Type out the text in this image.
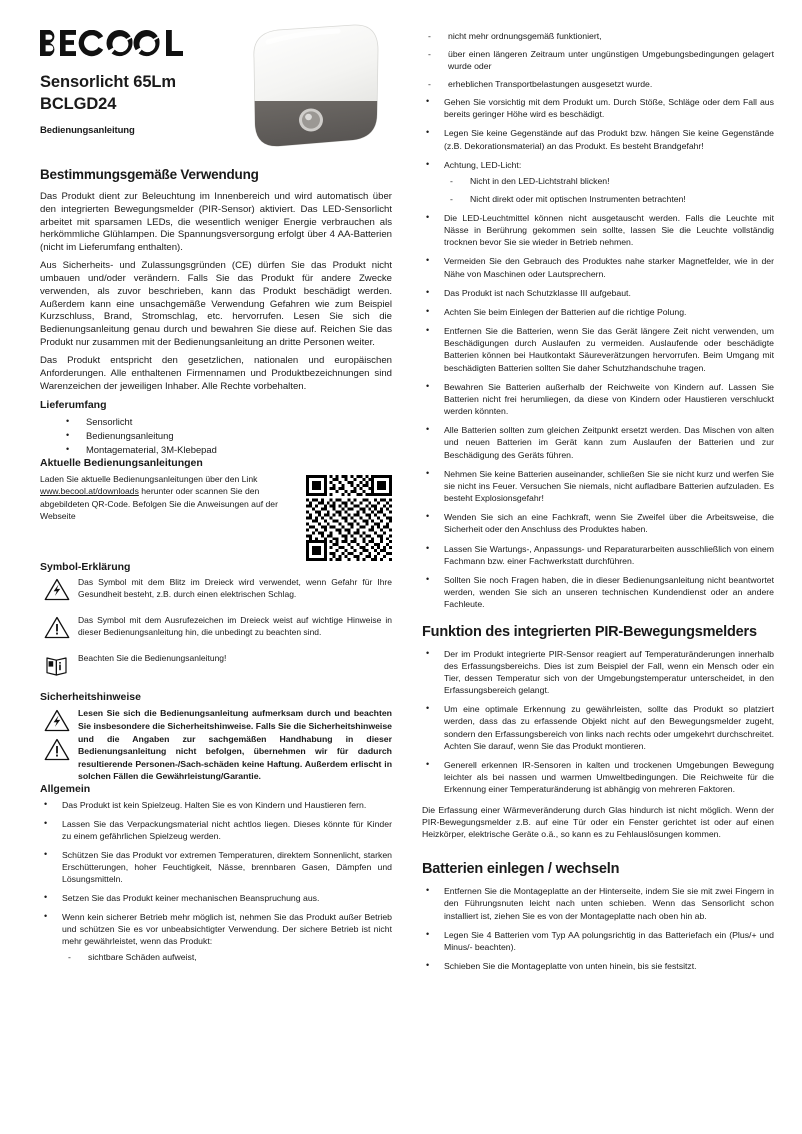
Sensorlicht 65Lm
BCLGD24
Bedienungsanleitung
Bestimmungsgemäße Verwendung

Das Produkt dient zur Beleuchtung im Innenbereich und wird automatisch über den integrierten Bewegungsmelder (PIR-Sensor) aktiviert. Das LED-Sensorlicht arbeitet mit sparsamen LEDs, die wesentlich weniger Energie verbrauchen als herkömmliche Glühlampen. Die Spannungsversorgung erfolgt über 4 AA-Batterien (nicht im Lieferumfang enthalten).

Aus Sicherheits- und Zulassungsgründen (CE) dürfen Sie das Produkt nicht umbauen und/oder verändern. Falls Sie das Produkt für andere Zwecke verwenden, als zuvor beschrieben, kann das Produkt beschädigt werden. Außerdem kann eine unsachgemäße Verwendung Gefahren wie zum Beispiel Kurzschluss, Brand, Stromschlag, etc. hervorrufen. Lesen Sie sich die Bedienungsanleitung genau durch und bewahren Sie diese auf. Reichen Sie das Produkt nur zusammen mit der Bedienungsanleitung an dritte Personen weiter.

Das Produkt entspricht den gesetzlichen, nationalen und europäischen Anforderungen. Alle enthaltenen Firmennamen und Produktbezeichnungen sind Warenzeichen der jeweiligen Inhaber. Alle Rechte vorbehalten.

Lieferumfang
• Sensorlicht
• Bedienungsanleitung
• Montagematerial, 3M-Klebepad
Aktuelle Bedienungsanleitungen

Laden Sie aktuelle Bedienungsanleitungen über den Link www.becool.at/downloads herunter oder scannen Sie den abgebildeten QR-Code. Befolgen Sie die Anweisungen auf der Webseite

Symbol-Erklärung
Das Symbol mit dem Blitz im Dreieck wird verwendet, wenn Gefahr für Ihre Gesundheit besteht, z.B. durch einen elektrischen Schlag.
Das Symbol mit dem Ausrufezeichen im Dreieck weist auf wichtige Hinweise in dieser Bedienungsanleitung hin, die unbedingt zu beachten sind.
Beachten Sie die Bedienungsanleitung!
Sicherheitshinweise
Lesen Sie sich die Bedienungsanleitung aufmerksam durch und beachten Sie insbesondere die Sicherheitshinweise. Falls Sie die Sicherheitshinweise und die Angaben zur sachgemäßen Handhabung in dieser Bedienungsanleitung nicht befolgen, übernehmen wir für dadurch resultierende Personen-/Sach-schäden keine Haftung. Außerdem erlischt in solchen Fällen die Gewährleistung/Garantie.
Allgemein
• Das Produkt ist kein Spielzeug. Halten Sie es von Kindern und Haustieren fern.
• Lassen Sie das Verpackungsmaterial nicht achtlos liegen. Dieses könnte für Kinder zu einem gefährlichen Spielzeug werden.
• Schützen Sie das Produkt vor extremen Temperaturen, direktem Sonnenlicht, starken Erschütterungen, hoher Feuchtigkeit, Nässe, brennbaren Gasen, Dämpfen und Lösungsmitteln.
• Setzen Sie das Produkt keiner mechanischen Beanspruchung aus.
• Wenn kein sicherer Betrieb mehr möglich ist, nehmen Sie das Produkt außer Betrieb und schützen Sie es vor unbeabsichtigter Verwendung. Der sichere Betrieb ist nicht mehr gewährleistet, wenn das Produkt:
- sichtbare Schäden aufweist,
- nicht mehr ordnungsgemäß funktioniert,
- über einen längeren Zeitraum unter ungünstigen Umgebungsbedingungen gelagert wurde oder
- erheblichen Transportbelastungen ausgesetzt wurde.
• Gehen Sie vorsichtig mit dem Produkt um. Durch Stöße, Schläge oder dem Fall aus bereits geringer Höhe wird es beschädigt.
• Legen Sie keine Gegenstände auf das Produkt bzw. hängen Sie keine Gegenstände (z.B. Dekorationsmaterial) an das Produkt. Es besteht Brandgefahr!
• Achtung, LED-Licht:
- Nicht in den LED-Lichtstrahl blicken!
- Nicht direkt oder mit optischen Instrumenten betrachten!
• Die LED-Leuchtmittel können nicht ausgetauscht werden. Falls die Leuchte mit Nässe in Berührung gekommen sein sollte, lassen Sie die Leuchte vollständig trocknen bevor Sie sie wieder in Betrieb nehmen.
• Vermeiden Sie den Gebrauch des Produktes nahe starker Magnetfelder, wie in der Nähe von Maschinen oder Lautsprechern.
• Das Produkt ist nach Schutzklasse III aufgebaut.
• Achten Sie beim Einlegen der Batterien auf die richtige Polung.
• Entfernen Sie die Batterien, wenn Sie das Gerät längere Zeit nicht verwenden, um Beschädigungen durch Auslaufen zu vermeiden. Auslaufende oder beschädigte Batterien können bei Hautkontakt Säureverätzungen hervorrufen. Beim Umgang mit beschädigten Batterien sollten Sie daher Schutzhandschuhe tragen.
• Bewahren Sie Batterien außerhalb der Reichweite von Kindern auf. Lassen Sie Batterien nicht frei herumliegen, da diese von Kindern oder Haustieren verschluckt werden könnten.
• Alle Batterien sollten zum gleichen Zeitpunkt ersetzt werden. Das Mischen von alten und neuen Batterien im Gerät kann zum Auslaufen der Batterien und zur Beschädigung des Geräts führen.
• Nehmen Sie keine Batterien auseinander, schließen Sie sie nicht kurz und werfen Sie sie nicht ins Feuer. Versuchen Sie niemals, nicht aufladbare Batterien aufzuladen. Es besteht Explosionsgefahr!
• Wenden Sie sich an eine Fachkraft, wenn Sie Zweifel über die Arbeitsweise, die Sicherheit oder den Anschluss des Produktes haben.
• Lassen Sie Wartungs-, Anpassungs- und Reparaturarbeiten ausschließlich von einem Fachmann bzw. einer Fachwerkstatt durchführen.
• Sollten Sie noch Fragen haben, die in dieser Bedienungsanleitung nicht beantwortet werden, wenden Sie sich an unseren technischen Kundendienst oder an andere Fachleute.
Funktion des integrierten PIR-Bewegungsmelders
• Der im Produkt integrierte PIR-Sensor reagiert auf Temperaturänderungen innerhalb des Erfassungsbereichs. Dies ist zum Beispiel der Fall, wenn ein Mensch oder ein Tier, dessen Temperatur sich von der Umgebungstemperatur unterscheidet, in den Erfassungsbereich gelangt.
• Um eine optimale Erkennung zu gewährleisten, sollte das Produkt so platziert werden, dass das zu erfassende Objekt nicht auf den Bewegungsmelder zugeht, sondern den Erfassungsbereich von links nach rechts oder umgekehrt durchschreitet. Achten Sie darauf, wenn Sie das Produkt montieren.
• Generell erkennen IR-Sensoren in kalten und trockenen Umgebungen Bewegung leichter als bei nassen und warmen Umweltbedingungen. Die Reichweite für die Erkennung einer Temperaturänderung ist abhängig von mehreren Faktoren.

Die Erfassung einer Wärmeveränderung durch Glas hindurch ist nicht möglich. Wenn der PIR-Bewegungsmelder z.B. auf eine Tür oder ein Fenster gerichtet ist oder auf einen Heizkörper, elektrische Geräte o.ä., so kann es zu Fehlauslösungen kommen.

Batterien einlegen / wechseln
• Entfernen Sie die Montageplatte an der Hinterseite, indem Sie sie mit zwei Fingern in den Führungsnuten leicht nach unten schieben. Wenn das Sensorlicht schon installiert ist, ziehen Sie es von der Montageplatte nach oben hin ab.
• Legen Sie 4 Batterien vom Typ AA polungsrichtig in das Batteriefach ein (Plus/+ und Minus/- beachten).
• Schieben Sie die Montageplatte von unten hinein, bis sie festsitzt.
